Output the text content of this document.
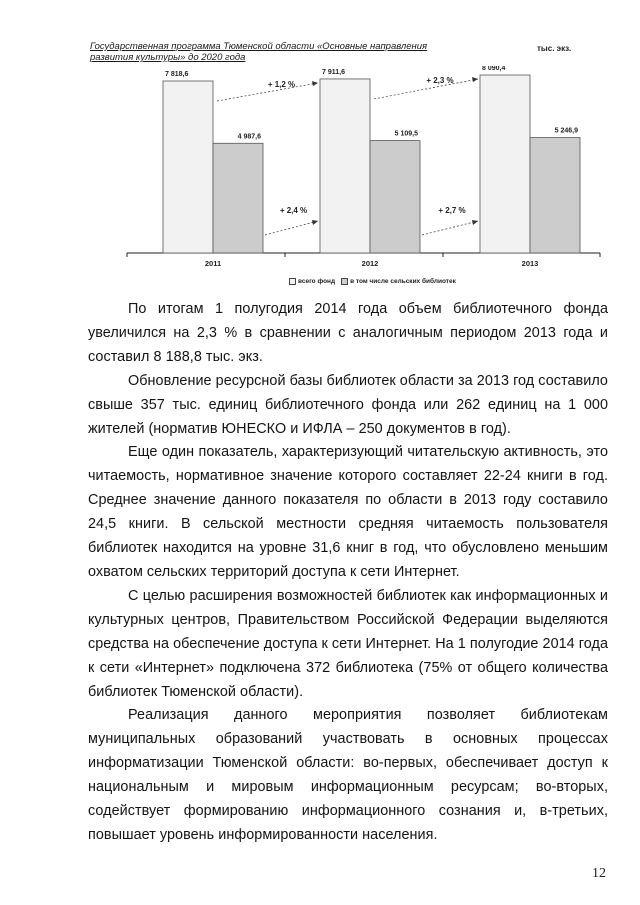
Государственная программа Тюменской области «Основные направления
развития культуры» до 2020 года
тыс. экз.
7 818,6
4 987,6
2011
7 911,6
5 109,5
2012
8 090,4
5 246,9
2013
+ 1,2 %
+ 2,4 %
+ 2,3 %
+ 2,7 %
всего фонд в том числе сельских библиотек

По итогам 1 полугодия 2014 года объем библиотечного фонда увеличился на 2,3 % в сравнении с аналогичным периодом 2013 года и составил 8 188,8 тыс. экз.

Обновление ресурсной базы библиотек области за 2013 год составило свыше 357 тыс. единиц библиотечного фонда или 262 единиц на 1 000 жителей (норматив ЮНЕСКО и ИФЛА – 250 документов в год).

Еще один показатель, характеризующий читательскую активность, это читаемость, нормативное значение которого составляет 22-24 книги в год. Среднее значение данного показателя по области в 2013 году составило 24,5 книги. В сельской местности средняя читаемость пользователя библиотек находится на уровне 31,6 книг в год, что обусловлено меньшим охватом сельских территорий доступа к сети Интернет.

С целью расширения возможностей библиотек как информационных и культурных центров, Правительством Российской Федерации выделяются средства на обеспечение доступа к сети Интернет. На 1 полугодие 2014 года к сети «Интернет» подключена 372 библиотека (75% от общего количества библиотек Тюменской области).

Реализация данного мероприятия позволяет библиотекам муниципальных образований участвовать в основных процессах информатизации Тюменской области: во-первых, обеспечивает доступ к национальным и мировым информационным ресурсам; во-вторых, содействует формированию информационного сознания и, в-третьих, повышает уровень информированности населения.

12
